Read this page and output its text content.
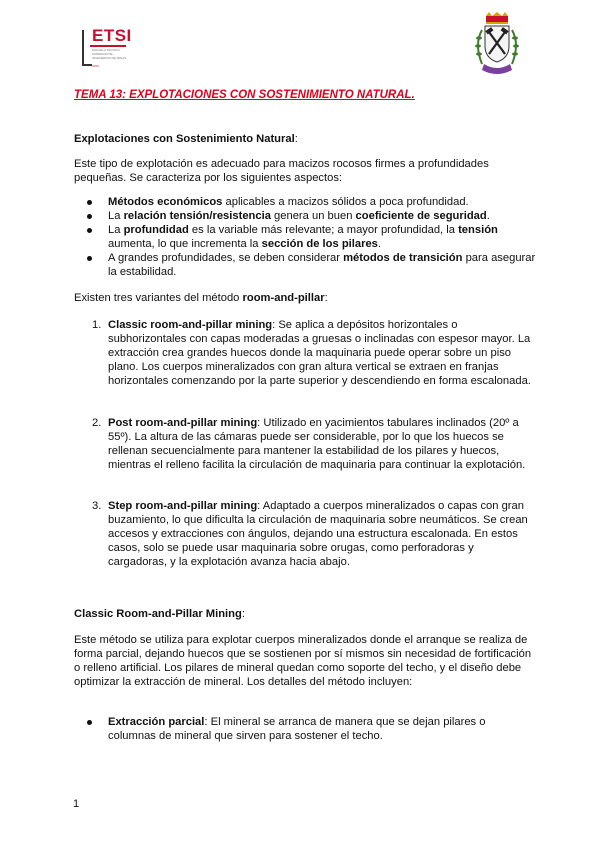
ETSI
ESCUELA TÉCNICA SUPERIOR DE INGENIEROS DE MINAS
UPM
TEMA 13: EXPLOTACIONES CON SOSTENIMIENTO NATURAL.
Explotaciones con Sostenimiento Natural:
Este tipo de explotación es adecuado para macizos rocosos firmes a profundidades pequeñas. Se caracteriza por los siguientes aspectos:
Métodos económicos aplicables a macizos sólidos a poca profundidad.
La relación tensión/resistencia genera un buen coeficiente de seguridad.
La profundidad es la variable más relevante; a mayor profundidad, la tensión aumenta, lo que incrementa la sección de los pilares.
A grandes profundidades, se deben considerar métodos de transición para asegurar la estabilidad.
Existen tres variantes del método room-and-pillar:
1. Classic room-and-pillar mining: Se aplica a depósitos horizontales o subhorizontales con capas moderadas a gruesas o inclinadas con espesor mayor. La extracción crea grandes huecos donde la maquinaria puede operar sobre un piso plano. Los cuerpos mineralizados con gran altura vertical se extraen en franjas horizontales comenzando por la parte superior y descendiendo en forma escalonada.
2. Post room-and-pillar mining: Utilizado en yacimientos tabulares inclinados (20º a 55º). La altura de las cámaras puede ser considerable, por lo que los huecos se rellenan secuencialmente para mantener la estabilidad de los pilares y huecos, mientras el relleno facilita la circulación de maquinaria para continuar la explotación.
3. Step room-and-pillar mining: Adaptado a cuerpos mineralizados o capas con gran buzamiento, lo que dificulta la circulación de maquinaria sobre neumáticos. Se crean accesos y extracciones con ángulos, dejando una estructura escalonada. En estos casos, solo se puede usar maquinaria sobre orugas, como perforadoras y cargadoras, y la explotación avanza hacia abajo.
Classic Room-and-Pillar Mining:
Este método se utiliza para explotar cuerpos mineralizados donde el arranque se realiza de forma parcial, dejando huecos que se sostienen por sí mismos sin necesidad de fortificación o relleno artificial. Los pilares de mineral quedan como soporte del techo, y el diseño debe optimizar la extracción de mineral. Los detalles del método incluyen:
Extracción parcial: El mineral se arranca de manera que se dejan pilares o columnas de mineral que sirven para sostener el techo.
1
